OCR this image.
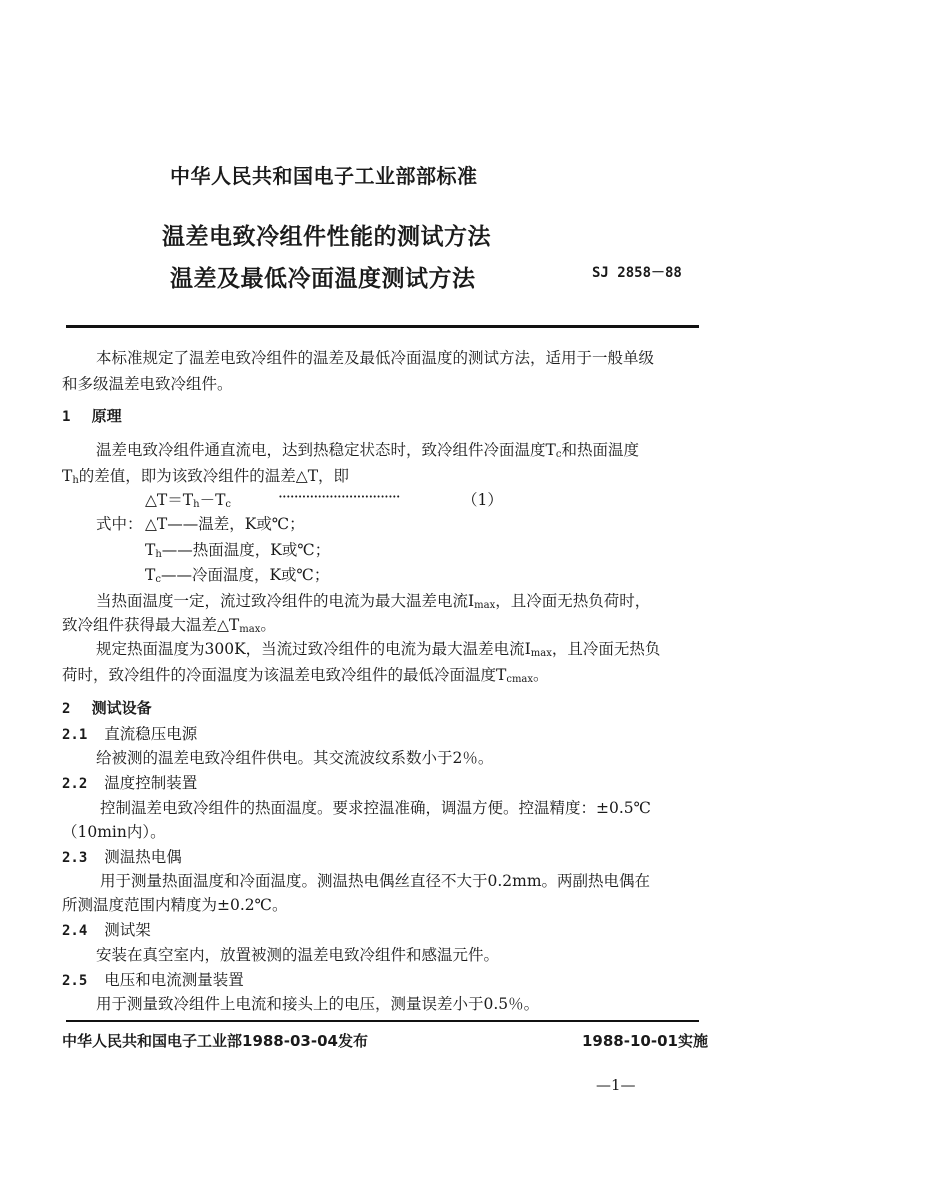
中华人民共和国电子工业部部标准
温差电致冷组件性能的测试方法
温差及最低冷面温度测试方法	SJ 2858－88
本标准规定了温差电致冷组件的温差及最低冷面温度的测试方法，适用于一般单级
和多级温差电致冷组件。
1 原理
温差电致冷组件通直流电，达到热稳定状态时，致冷组件冷面温度$T_c$和热面温度
$T_h$的差值，即为该致冷组件的温差△T，即
$\triangle T=T_h-T_c$	·······························	（1）
式中： △T——温差，K或℃；
$T_h——$热面温度，K或℃；
$T_c——$冷面温度，K或℃；
当热面温度一定，流过致冷组件的电流为最大温差电流$I_{max}$，且冷面无热负荷时，
致冷组件获得最大温差$\triangle T_{max}$。
规定热面温度为300K，当流过致冷组件的电流为最大温差电流$I_{max}$，且冷面无热负
荷时，致冷组件的冷面温度为该温差电致冷组件的最低冷面温度$T_{cmax}$。
2 测试设备
2.1 直流稳压电源
给被测的温差电致冷组件供电。其交流波纹系数小于2％。
2.2 温度控制装置
控制温差电致冷组件的热面温度。要求控温准确，调温方便。控温精度：±0.5℃
（10min内）。
2.3 测温热电偶
用于测量热面温度和冷面温度。测温热电偶丝直径不大于0.2mm。两副热电偶在
所测温度范围内精度为±0.2℃。
2.4 测试架
安装在真空室内，放置被测的温差电致冷组件和感温元件。
2.5 电压和电流测量装置
用于测量致冷组件上电流和接头上的电压，测量误差小于0.5％。
中华人民共和国电子工业部1988-03-04发布	1988-10-01实施
—1—
